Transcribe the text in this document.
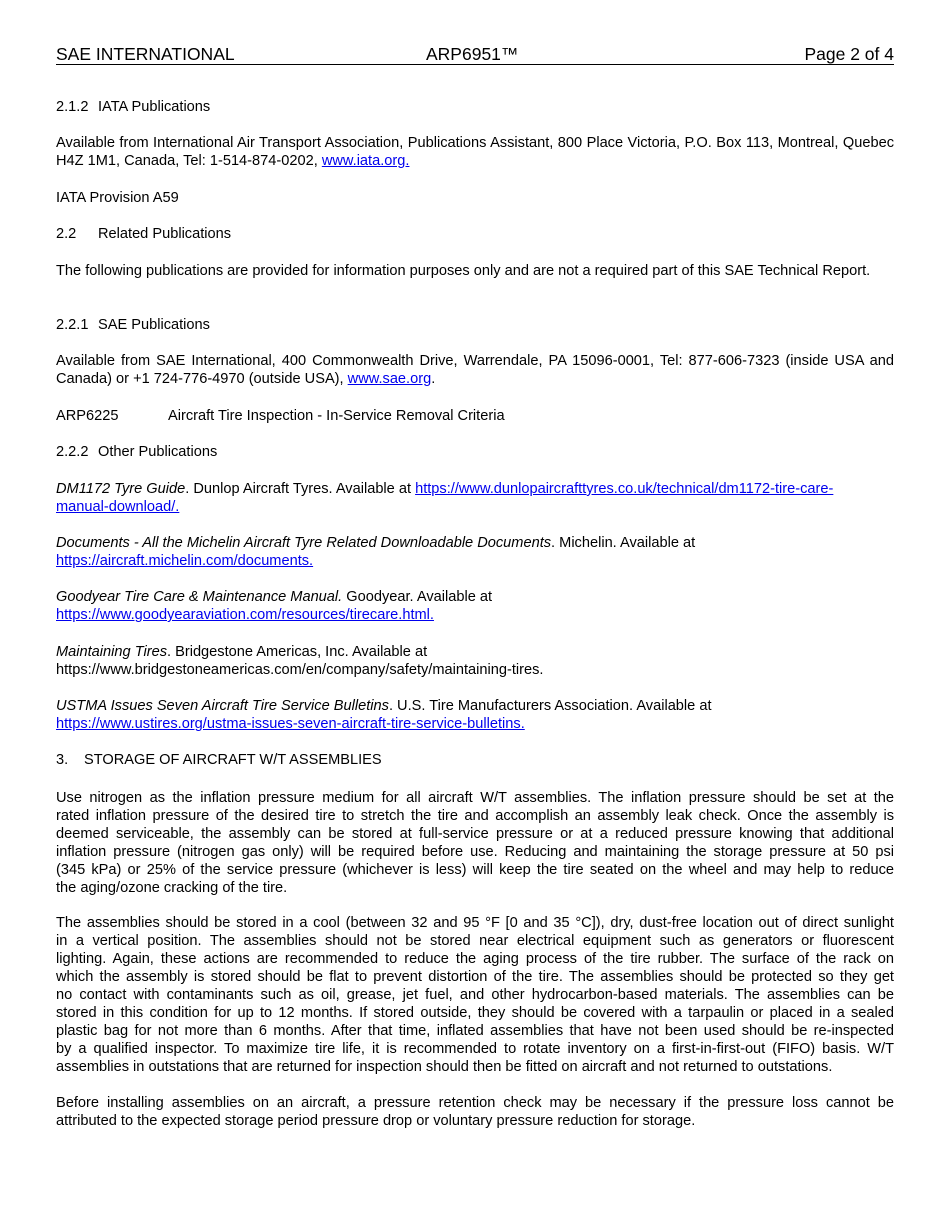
SAE INTERNATIONAL	ARP6951™	Page 2 of 4

2.1.2 IATA Publications

Available from International Air Transport Association, Publications Assistant, 800 Place Victoria, P.O. Box 113, Montreal, Quebec H4Z 1M1, Canada, Tel: 1-514-874-0202, www.iata.org.

IATA Provision A59

2.2 Related Publications

The following publications are provided for information purposes only and are not a required part of this SAE Technical Report.

2.2.1 SAE Publications

Available from SAE International, 400 Commonwealth Drive, Warrendale, PA 15096-0001, Tel: 877-606-7323 (inside USA and Canada) or +1 724-776-4970 (outside USA), www.sae.org.

ARP6225	Aircraft Tire Inspection - In-Service Removal Criteria

2.2.2 Other Publications

DM1172 Tyre Guide. Dunlop Aircraft Tyres. Available at https://www.dunlopaircrafttyres.co.uk/technical/dm1172-tire-care-
manual-download/.

Documents - All the Michelin Aircraft Tyre Related Downloadable Documents. Michelin. Available at
https://aircraft.michelin.com/documents.

Goodyear Tire Care & Maintenance Manual. Goodyear. Available at
https://www.goodyearaviation.com/resources/tirecare.html.

Maintaining Tires. Bridgestone Americas, Inc. Available at
https://www.bridgestoneamericas.com/en/company/safety/maintaining-tires.

USTMA Issues Seven Aircraft Tire Service Bulletins. U.S. Tire Manufacturers Association. Available at
https://www.ustires.org/ustma-issues-seven-aircraft-tire-service-bulletins.

3. STORAGE OF AIRCRAFT W/T ASSEMBLIES

Use nitrogen as the inflation pressure medium for all aircraft W/T assemblies. The inflation pressure should be set at the
rated inflation pressure of the desired tire to stretch the tire and accomplish an assembly leak check. Once the assembly is
deemed serviceable, the assembly can be stored at full-service pressure or at a reduced pressure knowing that additional
inflation pressure (nitrogen gas only) will be required before use. Reducing and maintaining the storage pressure at 50 psi
(345 kPa) or 25% of the service pressure (whichever is less) will keep the tire seated on the wheel and may help to reduce
the aging/ozone cracking of the tire.
The assemblies should be stored in a cool (between 32 and 95 °F [0 and 35 °C]), dry, dust-free location out of direct sunlight
in a vertical position. The assemblies should not be stored near electrical equipment such as generators or fluorescent
lighting. Again, these actions are recommended to reduce the aging process of the tire rubber. The surface of the rack on
which the assembly is stored should be flat to prevent distortion of the tire. The assemblies should be protected so they get
no contact with contaminants such as oil, grease, jet fuel, and other hydrocarbon-based materials. The assemblies can be
stored in this condition for up to 12 months. If stored outside, they should be covered with a tarpaulin or placed in a sealed
plastic bag for not more than 6 months. After that time, inflated assemblies that have not been used should be re-inspected
by a qualified inspector. To maximize tire life, it is recommended to rotate inventory on a first-in-first-out (FIFO) basis. W/T
assemblies in outstations that are returned for inspection should then be fitted on aircraft and not returned to outstations.
Before installing assemblies on an aircraft, a pressure retention check may be necessary if the pressure loss cannot be
attributed to the expected storage period pressure drop or voluntary pressure reduction for storage.
